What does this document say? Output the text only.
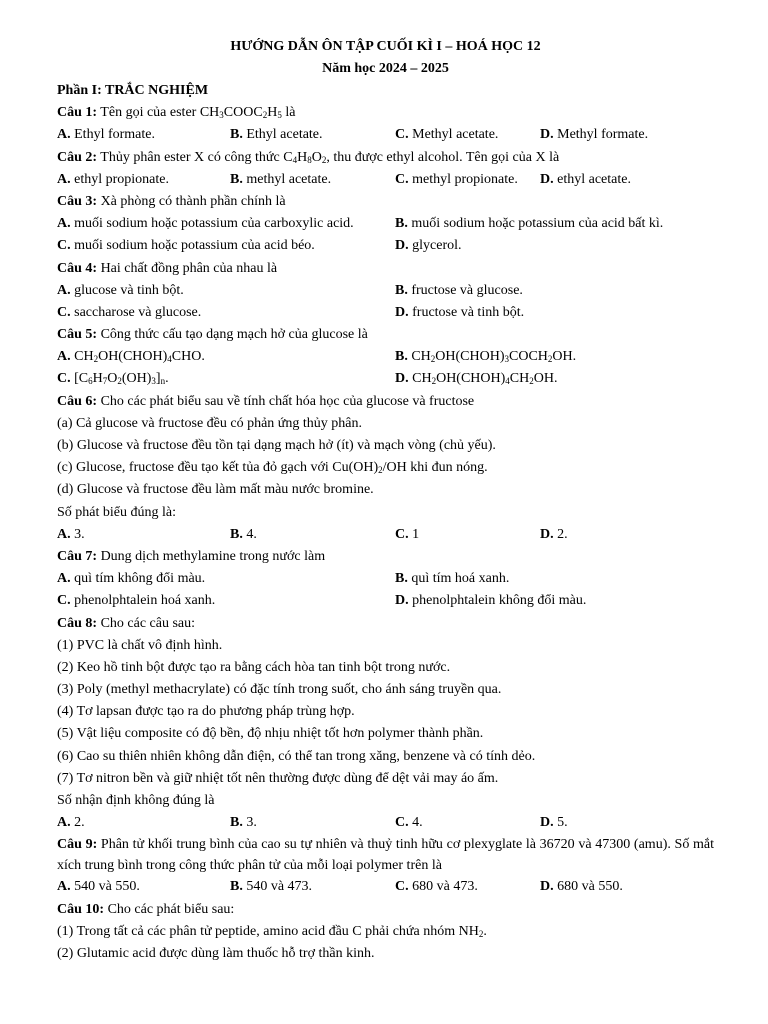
HƯỚNG DẪN ÔN TẬP CUỐI KÌ I – HOÁ HỌC 12
Năm học 2024 – 2025
Phần I: TRẮC NGHIỆM
Câu 1: Tên gọi của ester $CH_3COOC_2H_5$ là
A. Ethyl formate.	B. Ethyl acetate.	C. Methyl acetate.	D. Methyl formate.
Câu 2: Thủy phân ester X có công thức $C_4H_8O_2$, thu được ethyl alcohol. Tên gọi của X là
A. ethyl propionate.	B. methyl acetate.	C. methyl propionate. D. ethyl acetate.
Câu 3: Xà phòng có thành phần chính là
A. muối sodium hoặc potassium của carboxylic acid.	B. muối sodium hoặc potassium của acid bất kì.
C. muối sodium hoặc potassium của acid béo.	D. glycerol.
Câu 4: Hai chất đồng phân của nhau là
A. glucose và tinh bột.	B. fructose và glucose.
C. saccharose và glucose.	D. fructose và tinh bột.
Câu 5: Công thức cấu tạo dạng mạch hở của glucose là
A. $CH_2OH(CHOH)_4CHO$.	B. $CH_2OH(CHOH)_3COCH_2OH$.
C. $[C_6H_7O_2(OH)_3]_n$.	D. $CH_2OH(CHOH)_4CH_2OH$.
Câu 6: Cho các phát biểu sau về tính chất hóa học của glucose và fructose
(a) Cả glucose và fructose đều có phản ứng thủy phân.
(b) Glucose và fructose đều tồn tại dạng mạch hở (ít) và mạch vòng (chủ yếu).
(c) Glucose, fructose đều tạo kết tủa đỏ gạch với $Cu(OH)_2/OH$ khi đun nóng.
(d) Glucose và fructose đều làm mất màu nước bromine.
Số phát biểu đúng là:
A. 3.	B. 4.	C. 1	D. 2.
Câu 7: Dung dịch methylamine trong nước làm
A. quì tím không đổi màu.	B. quì tím hoá xanh.
C. phenolphtalein hoá xanh.	D. phenolphtalein không đổi màu.
Câu 8: Cho các câu sau:
(1) PVC là chất vô định hình.
(2) Keo hồ tinh bột được tạo ra bằng cách hòa tan tinh bột trong nước.
(3) Poly (methyl methacrylate) có đặc tính trong suốt, cho ánh sáng truyền qua.
(4) Tơ lapsan được tạo ra do phương pháp trùng hợp.
(5) Vật liệu composite có độ bền, độ nhịu nhiệt tốt hơn polymer thành phần.
(6) Cao su thiên nhiên không dẫn điện, có thể tan trong xăng, benzene và có tính dẻo.
(7) Tơ nitron bền và giữ nhiệt tốt nên thường được dùng để dệt vải may áo ấm.
Số nhận định không đúng là
A. 2.	B. 3.	C. 4.	D. 5.
Câu 9: Phân tử khối trung bình của cao su tự nhiên và thuỷ tinh hữu cơ plexyglate là 36720 và 47300 (amu). Số mắt xích trung bình trong công thức phân tử của mỗi loại polymer trên là
A. 540 và 550.	B. 540 và 473.	C. 680 và 473.	D. 680 và 550.
Câu 10: Cho các phát biểu sau:
(1) Trong tất cả các phân tử peptide, amino acid đầu C phải chứa nhóm $NH_2$.
(2) Glutamic acid được dùng làm thuốc hỗ trợ thần kinh.
